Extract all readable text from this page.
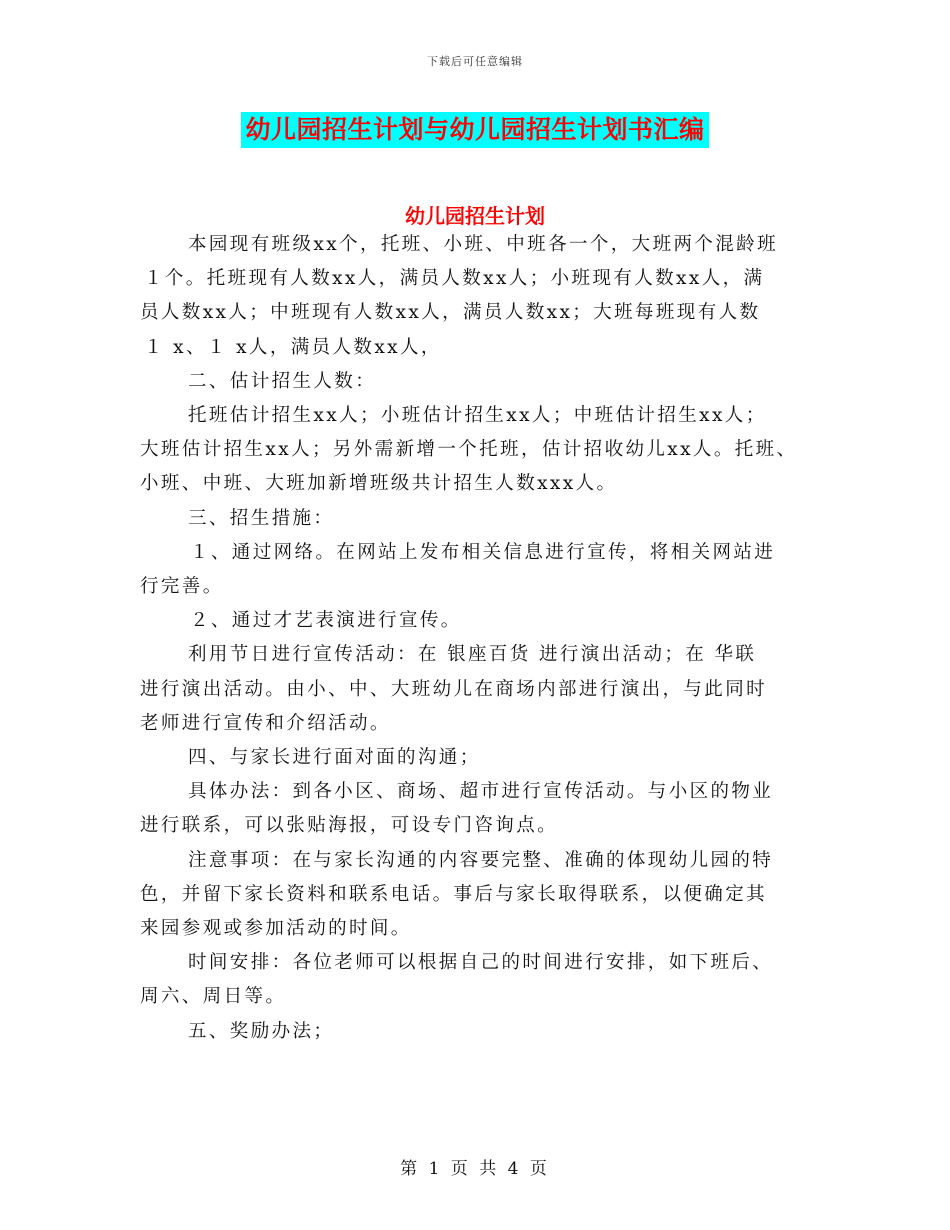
下载后可任意编辑
幼儿园招生计划与幼儿园招生计划书汇编
幼儿园招生计划

本园现有班级xx个，托班、小班、中班各一个，大班两个混龄班

１个。托班现有人数xx人，满员人数xx人；小班现有人数xx人，满

员人数xx人；中班现有人数xx人，满员人数xx；大班每班现有人数

１ x、１ x人，满员人数xx人，

二、估计招生人数：

托班估计招生xx人；小班估计招生xx人；中班估计招生xx人；

大班估计招生xx人；另外需新增一个托班，估计招收幼儿xx人。托班、

小班、中班、大班加新增班级共计招生人数xxx人。

三、招生措施：

１、通过网络。在网站上发布相关信息进行宣传，将相关网站进

行完善。

２、通过才艺表演进行宣传。

利用节日进行宣传活动：在 银座百货 进行演出活动；在 华联

进行演出活动。由小、中、大班幼儿在商场内部进行演出，与此同时

老师进行宣传和介绍活动。

四、与家长进行面对面的沟通；

具体办法：到各小区、商场、超市进行宣传活动。与小区的物业

进行联系，可以张贴海报，可设专门咨询点。

注意事项：在与家长沟通的内容要完整、准确的体现幼儿园的特

色，并留下家长资料和联系电话。事后与家长取得联系，以便确定其

来园参观或参加活动的时间。

时间安排：各位老师可以根据自己的时间进行安排，如下班后、

周六、周日等。

五、奖励办法；

第 1 页 共 4 页
